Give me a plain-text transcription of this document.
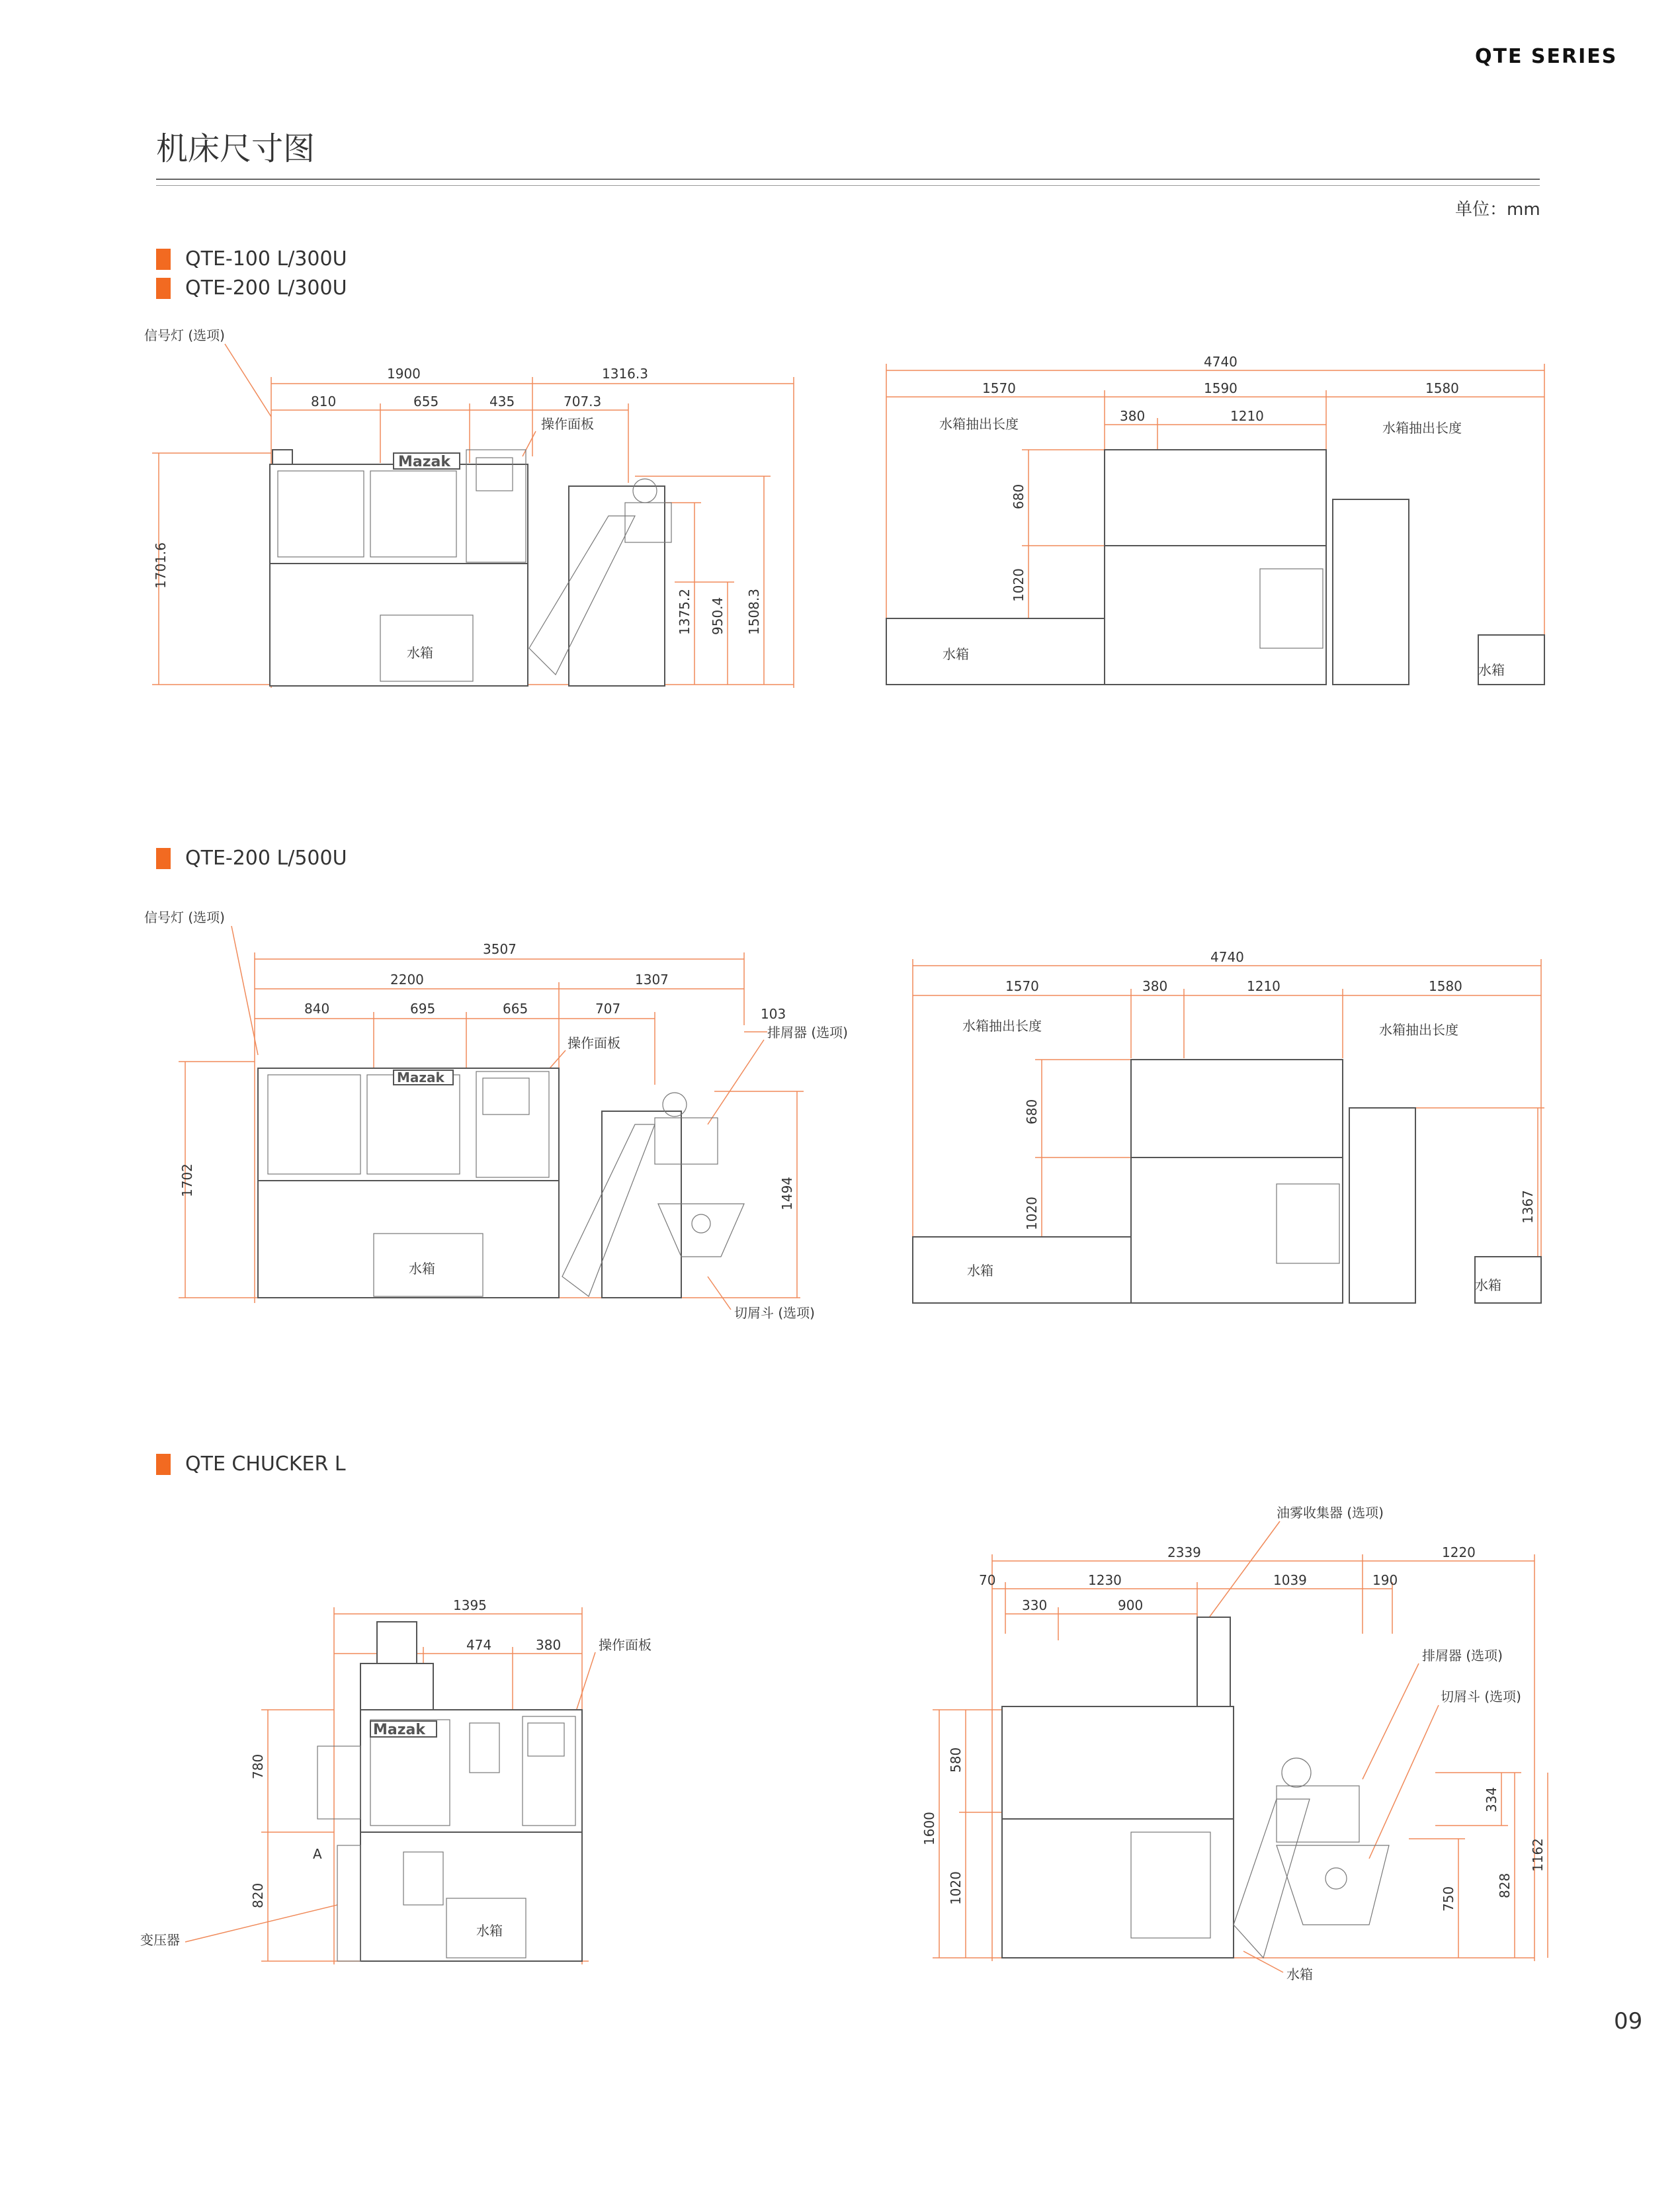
QTE SERIES
机床尺寸图
单位：mm
QTE-100 L/300U
QTE-200 L/300U
信号灯 (选项)
1900	1316.3
810	655	435	707.3
操作面板
1701.6
1375.2 950.4 1508.3
Mazak
水箱
4740
1570	1590	1580
380	1210
水箱抽出长度	水箱抽出长度
680
1020
水箱
水箱
QTE-200 L/500U
信号灯 (选项)
3507
2200	1307
840	695	665	707	103
操作面板
排屑器 (选项)
1702	1494
Mazak
水箱
切屑斗 (选项)
4740
1570	380	1210	1580
水箱抽出长度	水箱抽出长度
680
1020	1367
水箱
水箱
QTE CHUCKER L
1395
474	380	操作面板
780
820
A
变压器
Mazak
水箱
油雾收集器 (选项)
2339	1220
70	1230	1039	190
330	900
排屑器 (选项)
切屑斗 (选项)
1600
580
1020	828
334
750
1162
水箱
09
